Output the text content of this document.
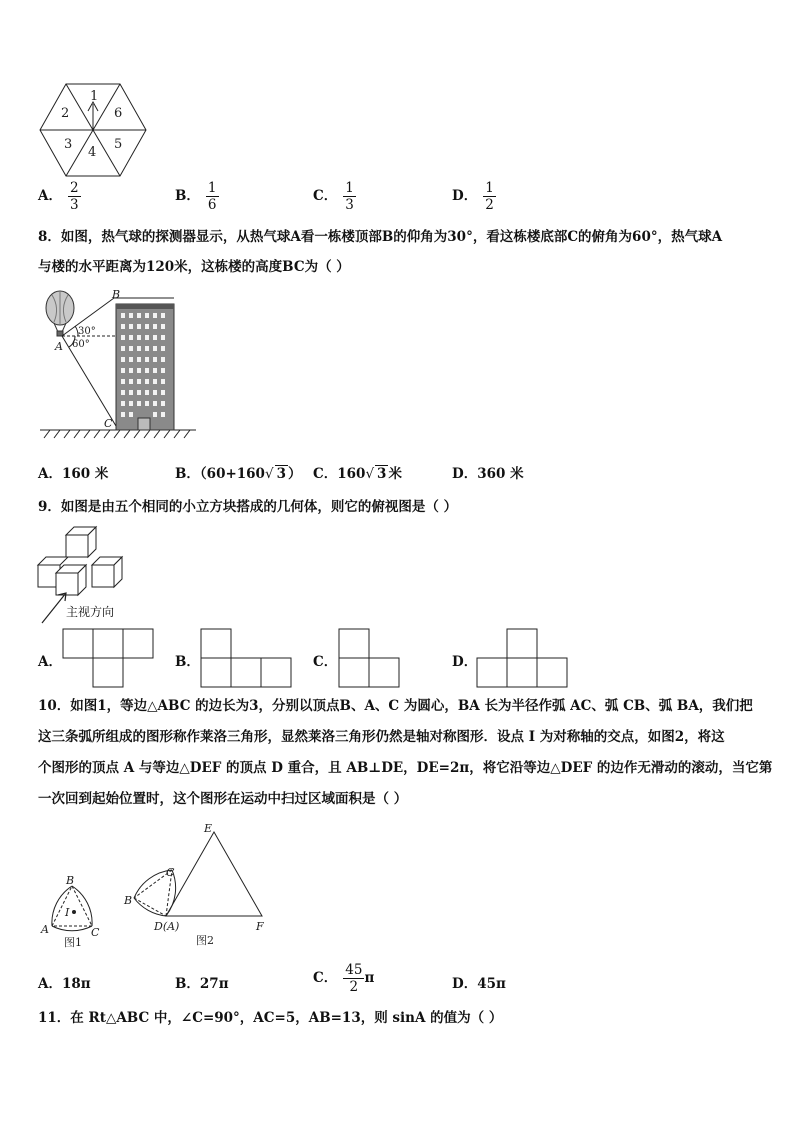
1
2
3
4
5
6
A． $\frac{2}{3}$	B． $\frac{1}{6}$	C． $\frac{1}{3}$	D． $\frac{1}{2}$
8．如图，热气球的探测器显示，从热气球A看一栋楼顶部B的仰角为30°，看这栋楼底部C的俯角为60°，热气球A
与楼的水平距离为120米，这栋楼的高度BC为（ ）
B
A
C
30°
60°
A．160 米	B．（60+160√ 3 ） C．160√ 3 米	D．360 米
9．如图是由五个相同的小立方块搭成的几何体，则它的俯视图是（ ）
主视方向
A．	B．	C．	D．
10．如图1，等边△ABC 的边长为3，分别以顶点B、A、C 为圆心，BA 长为半径作弧 AC、弧 CB、弧 BA，我们把
这三条弧所组成的图形称作莱洛三角形，显然莱洛三角形仍然是轴对称图形．设点 I 为对称轴的交点，如图2，将这
个图形的顶点 A 与等边△DEF 的顶点 D 重合，且 AB⊥DE，DE=2π，将它沿等边△DEF 的边作无滑动的滚动，当它第
一次回到起始位置时，这个图形在运动中扫过区域面积是（ ）
B
I
A	C
图1
E
C
B
D(A)	F
图2
A．18π	B．27π	C． $\frac{45}{2}$ π	D．45π
11．在 Rt△ABC 中，∠C=90°，AC=5，AB=13，则 sinA 的值为（ ）
